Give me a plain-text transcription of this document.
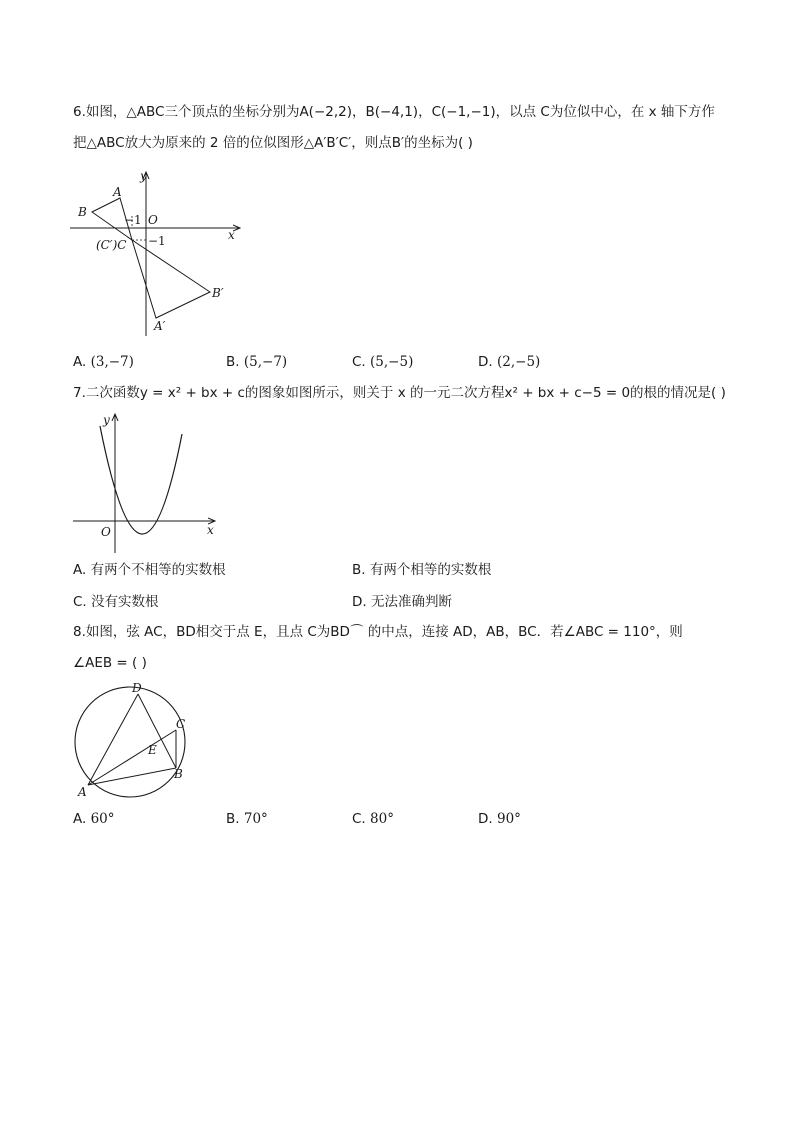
6.如图，△ABC三个顶点的坐标分别为A(−2,2)，B(−4,1)，C(−1,−1)，以点 C为位似中心，在 x 轴下方作
把△ABC放大为原来的 2 倍的位似图形△A′B′C′，则点B′的坐标为( )
y
x
O
A
B
−1
−1
(C′)C
B′
A′
A. (3,−7)	B. (5,−7)	C. (5,−5)	D. (2,−5)
7.二次函数y = x² + bx + c的图象如图所示，则关于 x 的一元二次方程x² + bx + c−5 = 0的根的情况是( )
y
x
O
A. 有两个不相等的实数根	B. 有两个相等的实数根
C. 没有实数根	D. 无法准确判断
8.如图，弦 AC，BD相交于点 E，且点 C为BD⌒ 的中点，连接 AD，AB，BC．若∠ABC = 110°，则
∠AEB = ( )
D
C
E
B
A
A. 60°	B. 70°	C. 80°	D. 90°
